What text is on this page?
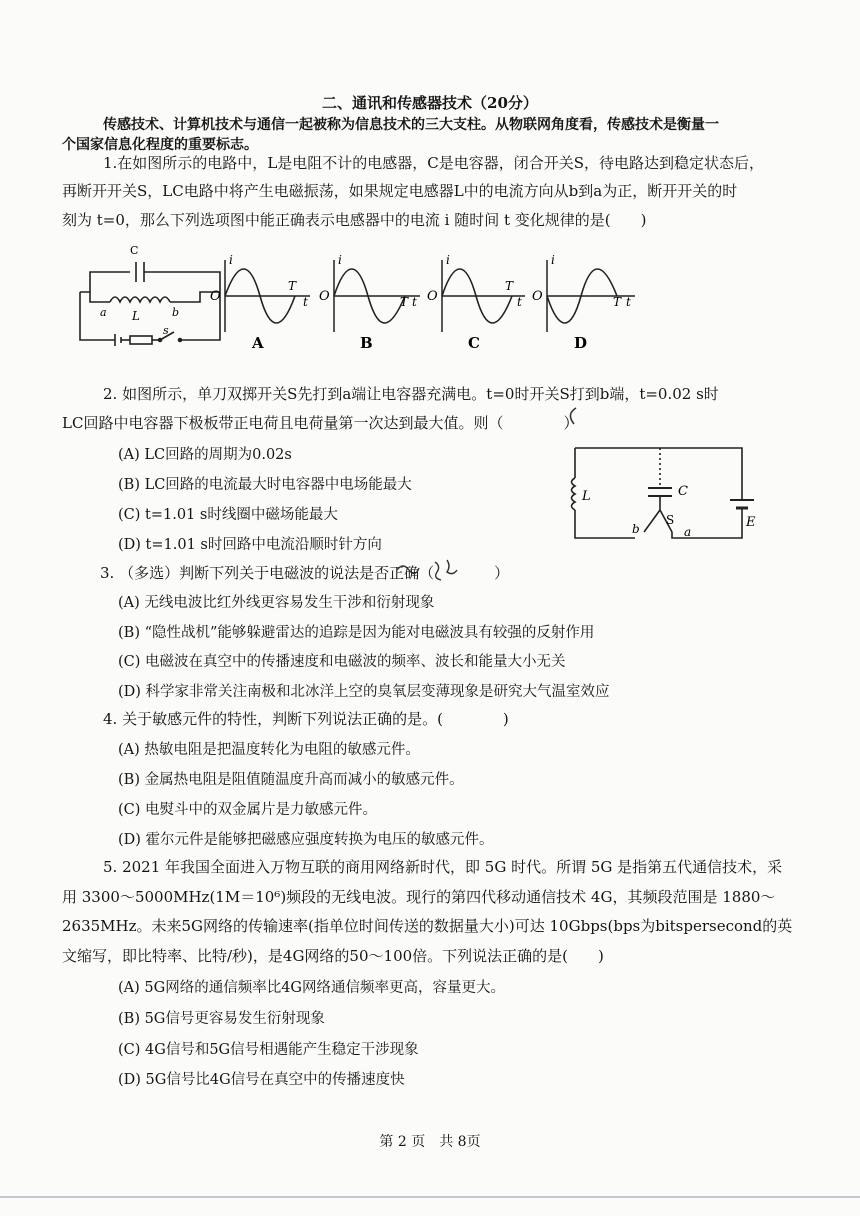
二、通讯和传感器技术（20分）
传感技术、计算机技术与通信一起被称为信息技术的三大支柱。从物联网角度看，传感技术是衡量一
个国家信息化程度的重要标志。
1.在如图所示的电路中，L是电阻不计的电感器，C是电容器，闭合开关S，待电路达到稳定状态后，
再断开开关S，LC电路中将产生电磁振荡，如果规定电感器L中的电流方向从b到a为正，断开开关的时
刻为 t=0，那么下列选项图中能正确表示电感器中的电流 i 随时间 t 变化规律的是(　　)
C
L
a	b
s
O
i
T
t
A
O
i
T t
B
O
i
T
t
C
O
i
T t
D
2. 如图所示，单刀双掷开关S先打到a端让电容器充满电。t=0时开关S打到b端，t=0.02 s时
LC回路中电容器下极板带正电荷且电荷量第一次达到最大值。则（　　　　）
(A) LC回路的周期为0.02s
(B) LC回路的电流最大时电容器中电场能最大
(C) t=1.01 s时线圈中磁场能最大
(D) t=1.01 s时回路中电流沿顺时针方向
L	C
S
a
b	E
3. （多选）判断下列关于电磁波的说法是否正确（　　　　）
(A) 无线电波比红外线更容易发生干涉和衍射现象
(B) “隐性战机”能够躲避雷达的追踪是因为能对电磁波具有较强的反射作用
(C) 电磁波在真空中的传播速度和电磁波的频率、波长和能量大小无关
(D) 科学家非常关注南极和北冰洋上空的臭氧层变薄现象是研究大气温室效应
4. 关于敏感元件的特性，判断下列说法正确的是。(　　　　)
(A) 热敏电阻是把温度转化为电阻的敏感元件。
(B) 金属热电阻是阻值随温度升高而减小的敏感元件。
(C) 电熨斗中的双金属片是力敏感元件。
(D) 霍尔元件是能够把磁感应强度转换为电压的敏感元件。
5. 2021 年我国全面进入万物互联的商用网络新时代，即 5G 时代。所谓 5G 是指第五代通信技术，采
用 3300～5000MHz(1M＝10⁶)频段的无线电波。现行的第四代移动通信技术 4G，其频段范围是 1880～
2635MHz。未来5G网络的传输速率(指单位时间传送的数据量大小)可达 10Gbps(bps为bitspersecond的英
文缩写，即比特率、比特/秒)，是4G网络的50～100倍。下列说法正确的是(　　)
(A) 5G网络的通信频率比4G网络通信频率更高，容量更大。
(B) 5G信号更容易发生衍射现象
(C) 4G信号和5G信号相遇能产生稳定干涉现象
(D) 5G信号比4G信号在真空中的传播速度快
第 2 页　共 8页
